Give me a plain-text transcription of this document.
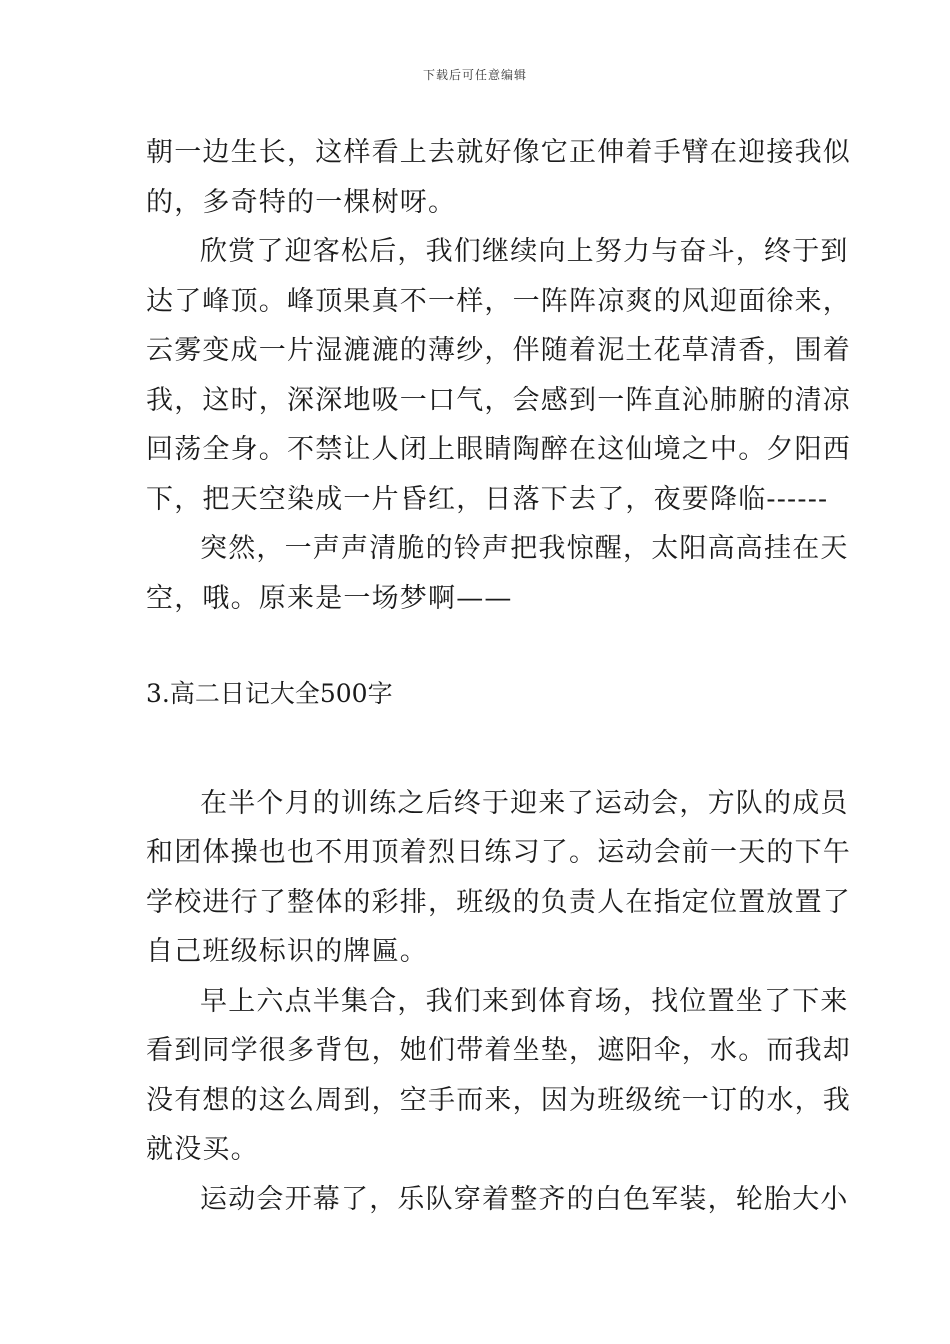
下载后可任意编辑
朝一边生长，这样看上去就好像它正伸着手臂在迎接我似
的，多奇特的一棵树呀。
欣赏了迎客松后，我们继续向上努力与奋斗，终于到
达了峰顶。峰顶果真不一样，一阵阵凉爽的风迎面徐来，
云雾变成一片湿漉漉的薄纱，伴随着泥土花草清香，围着
我，这时，深深地吸一口气，会感到一阵直沁肺腑的清凉
回荡全身。不禁让人闭上眼睛陶醉在这仙境之中。夕阳西
下，把天空染成一片昏红，日落下去了，夜要降临------
突然，一声声清脆的铃声把我惊醒，太阳高高挂在天
空，哦。原来是一场梦啊——
3.高二日记大全500字
在半个月的训练之后终于迎来了运动会，方队的成员
和团体操也也不用顶着烈日练习了。运动会前一天的下午
学校进行了整体的彩排，班级的负责人在指定位置放置了
自己班级标识的牌匾。
早上六点半集合，我们来到体育场，找位置坐了下来
看到同学很多背包，她们带着坐垫，遮阳伞，水。而我却
没有想的这么周到，空手而来，因为班级统一订的水，我
就没买。
运动会开幕了，乐队穿着整齐的白色军装，轮胎大小
